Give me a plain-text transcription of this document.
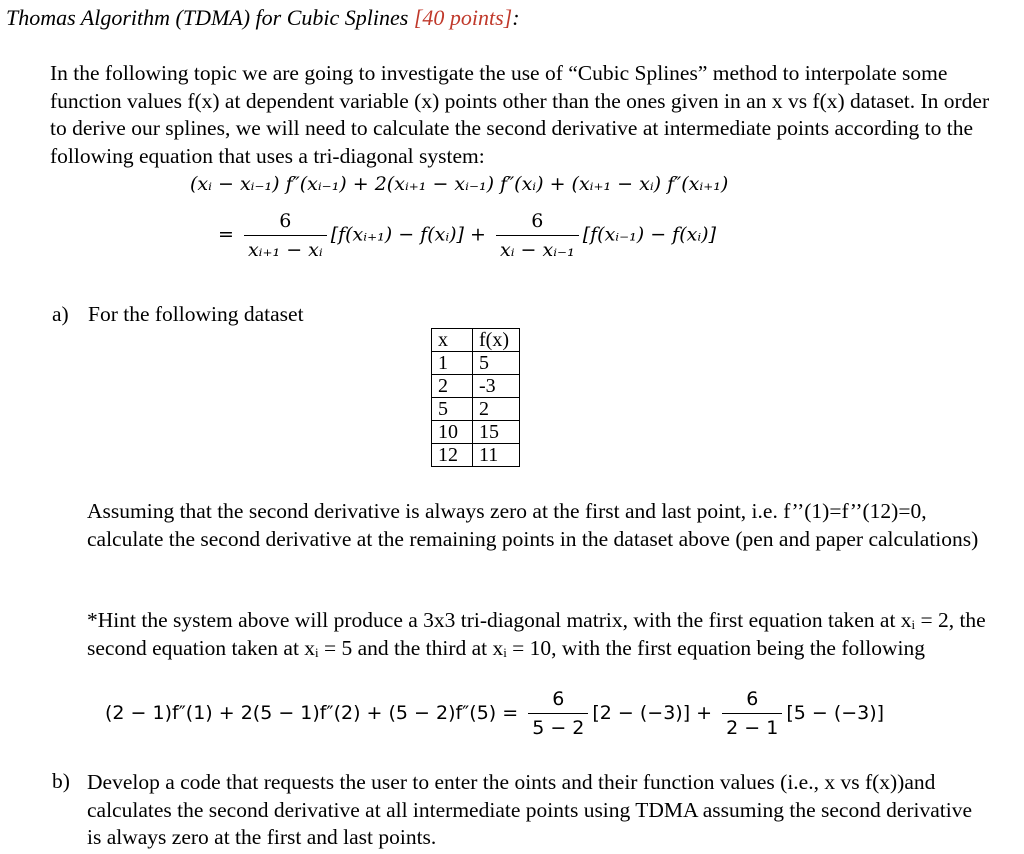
Thomas Algorithm (TDMA) for Cubic Splines [40 points]:
In the following topic we are going to investigate the use of “Cubic Splines” method to interpolate some function values f(x) at dependent variable (x) points other than the ones given in an x vs f(x) dataset. In order to derive our splines, we will need to calculate the second derivative at intermediate points according to the following equation that uses a tri-diagonal system:
(xᵢ − xᵢ₋₁) f″(xᵢ₋₁) + 2(xᵢ₊₁ − xᵢ₋₁) f″(xᵢ) + (xᵢ₊₁ − xᵢ) f″(xᵢ₊₁)
= $\frac{6}{\text{xᵢ₊₁ − xᵢ}}$ [f(xᵢ₊₁) − f(xᵢ)] + $\frac{6}{\text{xᵢ − xᵢ₋₁}}$ [f(xᵢ₋₁) − f(xᵢ)]
a) For the following dataset
x	f(x)
1	5
2	-3
5	2
10	15
12	11
Assuming that the second derivative is always zero at the first and last point, i.e. f’’(1)=f’’(12)=0, calculate the second derivative at the remaining points in the dataset above (pen and paper calculations)
*Hint the system above will produce a 3x3 tri-diagonal matrix, with the first equation taken at xᵢ = 2, the second equation taken at xᵢ = 5 and the third at xᵢ = 10, with the first equation being the following
$(2 - 1)f''(1) + 2(5 - 1)f''(2) + (5 - 2)f''(5) = \frac{6}{5 - 2} [2 - (-3)] + \frac{6}{2 - 1} [5 - (-3)]$
b) Develop a code that requests the user to enter the oints and their function values (i.e., x vs f(x))and calculates the second derivative at all intermediate points using TDMA assuming the second derivative is always zero at the first and last points.
